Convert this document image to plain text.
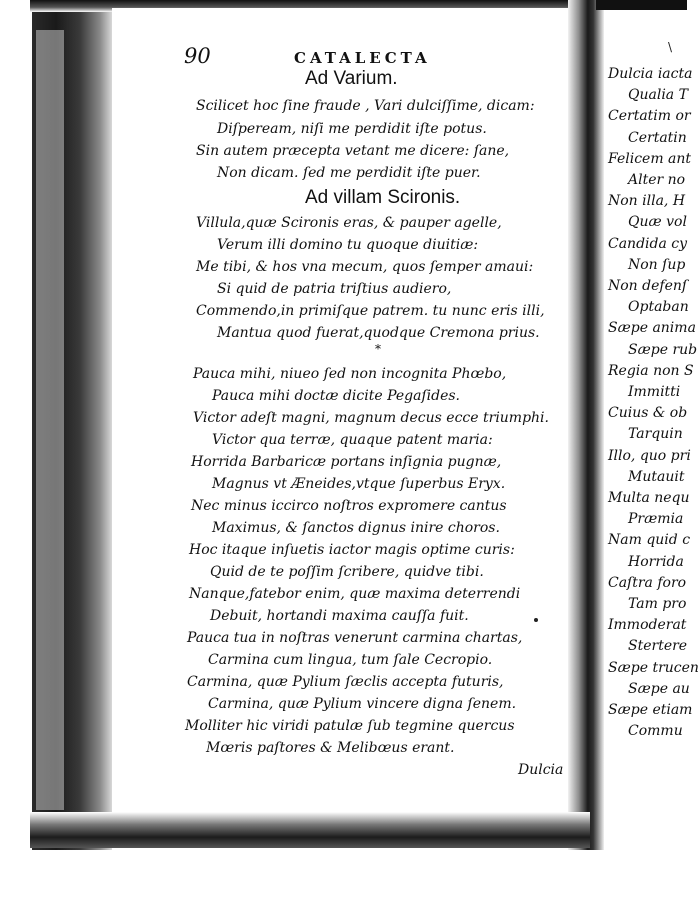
90	CATALECTA
Ad Varium.
Scilicet hoc ſine fraude , Vari dulciſſime, dicam:
Diſpeream, niſi me perdidit iſte potus.
Sin autem præcepta vetant me dicere: ſane,
Non dicam. ſed me perdidit iſte puer.
Ad villam Scironis.
Villula,quæ Scironis eras, & pauper agelle,
Verum illi domino tu quoque diuitiæ:
Me tibi, & hos vna mecum, quos ſemper amaui:
Si quid de patria triſtius audiero,
Commendo,in primiſque patrem. tu nunc eris illi,
Mantua quod fuerat,quodque Cremona prius.
*
Pauca mihi, niueo ſed non incognita Phœbo,
Pauca mihi doctæ dicite Pegaſides.
Victor adeſt magni, magnum decus ecce triumphi.
Victor qua terræ, quaque patent maria:
Horrida Barbaricæ portans inſignia pugnæ,
Magnus vt Æneides,vtque ſuperbus Eryx.
Nec minus iccirco noſtros expromere cantus
Maximus, & ſanctos dignus inire choros.
Hoc itaque inſuetis iactor magis optime curis:
Quid de te poſſim ſcribere, quidve tibi.
Nanque,fatebor enim, quæ maxima deterrendi
Debuit, hortandi maxima cauſſa fuit.
Pauca tua in noſtras venerunt carmina chartas,
Carmina cum lingua, tum ſale Cecropio.
Carmina, quæ Pylium ſæclis accepta futuris,
Carmina, quæ Pylium vincere digna ſenem.
Molliter hic viridi patulæ ſub tegmine quercus
Mœris paſtores & Melibœus erant.
Dulcia
Dulcia iacta
Qualia T
Certatim or
Certatin
Felicem ant
Alter no
Non illa, H
Quæ vol
Candida cy
Non ſup
Non defenſ
Optaban
Sæpe anima
Sæpe rub
Regia non S
Immitti
Cuius & ob
Tarquin
Illo, quo pri
Mutauit
Multa nequ
Præmia
Nam quid c
Horrida
Caſtra foro
Tam pro
Immoderat
Stertere
Sæpe trucen
Sæpe au
Sæpe etiam
Commu
\
